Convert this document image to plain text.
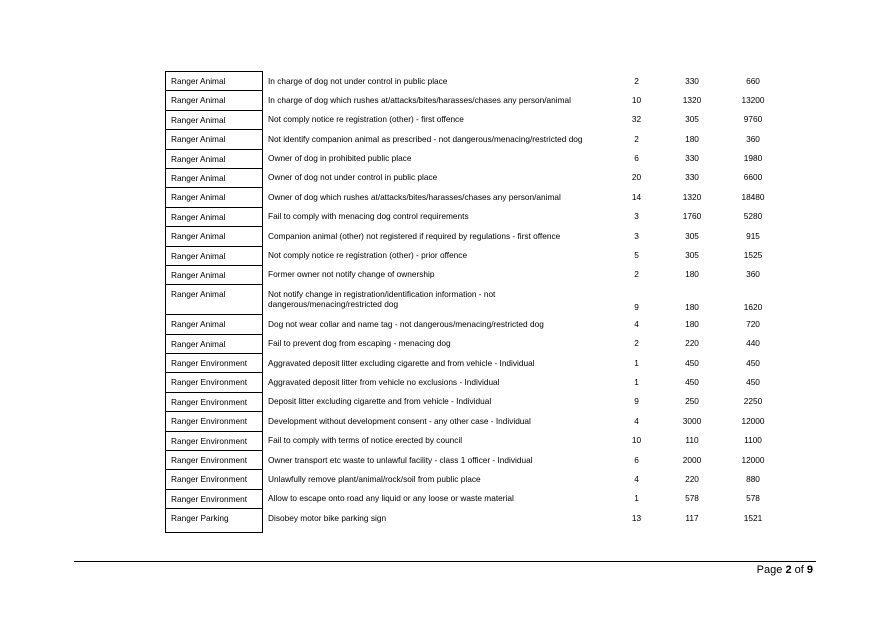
Ranger Animal	In charge of dog not under control in public place	2	330	660
Ranger Animal	In charge of dog which rushes at/attacks/bites/harasses/chases any person/animal	10	1320	13200
Ranger Animal	Not comply notice re registration (other) - first offence	32	305	9760
Ranger Animal	Not identify companion animal as prescribed - not dangerous/menacing/restricted dog	2	180	360
Ranger Animal	Owner of dog in prohibited public place	6	330	1980
Ranger Animal	Owner of dog not under control in public place	20	330	6600
Ranger Animal	Owner of dog which rushes at/attacks/bites/harasses/chases any person/animal	14	1320	18480
Ranger Animal	Fail to comply with menacing dog control requirements	3	1760	5280
Ranger Animal	Companion animal (other) not registered if required by regulations - first offence	3	305	915
Ranger Animal	Not comply notice re registration (other) - prior offence	5	305	1525
Ranger Animal	Former owner not notify change of ownership	2	180	360
Ranger Animal	Not notify change in registration/identification information - not
dangerous/menacing/restricted dog	9	180	1620
Ranger Animal	Dog not wear collar and name tag - not dangerous/menacing/restricted dog	4	180	720
Ranger Animal	Fail to prevent dog from escaping - menacing dog	2	220	440
Ranger Environment	Aggravated deposit litter excluding cigarette and from vehicle - Individual	1	450	450
Ranger Environment	Aggravated deposit litter from vehicle no exclusions - Individual	1	450	450
Ranger Environment	Deposit litter excluding cigarette and from vehicle - Individual	9	250	2250
Ranger Environment	Development without development consent - any other case - Individual	4	3000	12000
Ranger Environment	Fail to comply with terms of notice erected by council	10	110	1100
Ranger Environment	Owner transport etc waste to unlawful facility - class 1 officer - Individual	6	2000	12000
Ranger Environment	Unlawfully remove plant/animal/rock/soil from public place	4	220	880
Ranger Environment	Allow to escape onto road any liquid or any loose or waste material	1	578	578
Ranger Parking	Disobey motor bike parking sign	13	117	1521
Page 2 of 9
